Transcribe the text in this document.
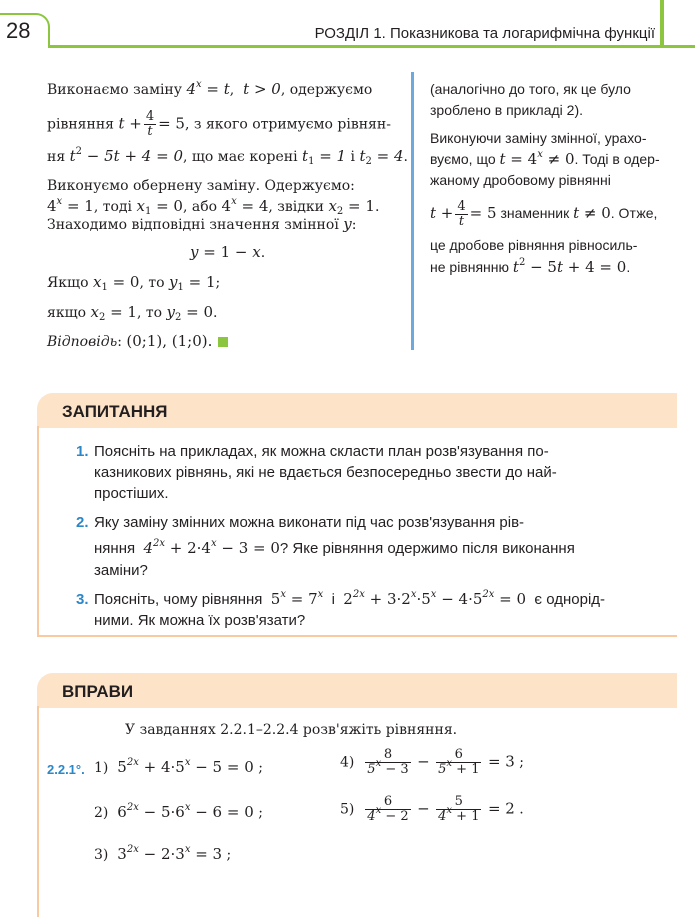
28	РОЗДІЛ 1. Показникова та логарифмічна функції
Виконаємо заміну $4^x = t$,  t > 0, одержуємо
рівняння $t + \frac{4}{t} = 5$, з якого отримуємо рівнян-
ня $t^2 - 5t + 4 = 0$, що має корені $t_1 = 1$ і $t_2 = 4$.
Виконуємо обернену заміну. Одержуємо:
$4^x = 1$, тоді $x_1 = 0$, або $4^x = 4$, звідки $x_2 = 1$.
Знаходимо відповідні значення змінної y:
y = 1 − x.
Якщо $x_1 = 0$, то $y_1 = 1$;
якщо $x_2 = 1$, то $y_2 = 0$.
Відповідь: (0;1), (1;0).
(аналогічно до того, як це було
зроблено в прикладі 2).
Виконуючи заміну змінної, урахо-
вуємо, що $t = 4^x \ne 0$. Тоді в одер-
жаному дробовому рівнянні
$t + \frac{4}{t} = 5$ знаменник t ≠ 0. Отже,
це дробове рівняння рівносиль-
не рівнянню $t^2 - 5t + 4 = 0$.
ЗАПИТАННЯ
1. Поясніть на прикладах, як можна скласти план розв'язування по-
казникових рівнянь, які не вдається безпосередньо звести до най-
простіших.
2. Яку заміну змінних можна виконати під час розв'язування рів-
няння $4^{2x} + 2\cdot 4^x - 3 = 0$? Яке рівняння одержимо після виконання
заміни?
3. Поясніть, чому рівняння $5^x = 7^x$ і $2^{2x} + 3\cdot 2^x\cdot 5^x - 4\cdot 5^{2x} = 0$ є однорід-
ними. Як можна їх розв'язати?
ВПРАВИ
У завданнях 2.2.1–2.2.4 розв'яжіть рівняння.
2.2.1°. 1) $5^{2x} + 4\cdot 5^x - 5 = 0$ ;
2) $6^{2x} - 5\cdot 6^x - 6 = 0$ ;
3) $3^{2x} - 2\cdot 3^x = 3$ ;
$4) \frac{8}{5^x - 3} - \frac{6}{5^x + 1} = 3$ ;
$5) \frac{6}{4^x - 2} - \frac{5}{4^x + 1} = 2$ .
